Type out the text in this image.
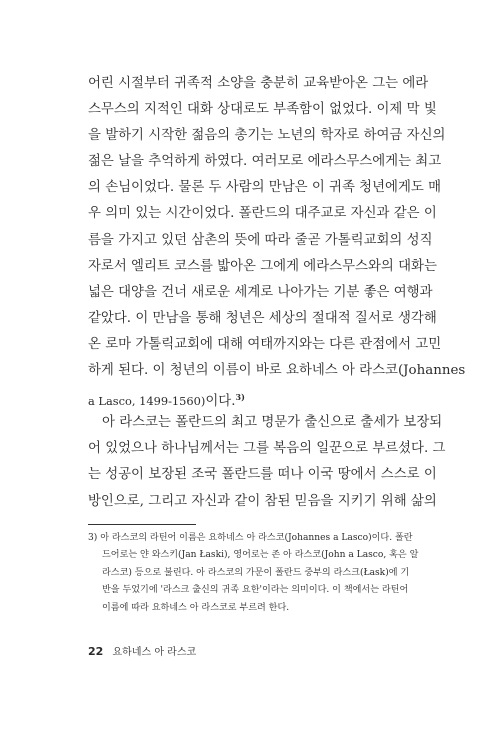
어린 시절부터 귀족적 소양을 충분히 교육받아온 그는 에라
스무스의 지적인 대화 상대로도 부족함이 없었다. 이제 막 빛
을 발하기 시작한 젊음의 총기는 노년의 학자로 하여금 자신의
젊은 날을 추억하게 하였다. 여러모로 에라스무스에게는 최고
의 손님이었다. 물론 두 사람의 만남은 이 귀족 청년에게도 매
우 의미 있는 시간이었다. 폴란드의 대주교로 자신과 같은 이
름을 가지고 있던 삼촌의 뜻에 따라 줄곧 가톨릭교회의 성직
자로서 엘리트 코스를 밟아온 그에게 에라스무스와의 대화는
넓은 대양을 건너 새로운 세계로 나아가는 기분 좋은 여행과
같았다. 이 만남을 통해 청년은 세상의 절대적 질서로 생각해
온 로마 가톨릭교회에 대해 여태까지와는 다른 관점에서 고민
하게 된다. 이 청년의 이름이 바로 요하네스 아 라스코(Johannes
a Lasco, 1499-1560)이다.$^{3)}$
아 라스코는 폴란드의 최고 명문가 출신으로 출세가 보장되
어 있었으나 하나님께서는 그를 복음의 일꾼으로 부르셨다. 그
는 성공이 보장된 조국 폴란드를 떠나 이국 땅에서 스스로 이
방인으로, 그리고 자신과 같이 참된 믿음을 지키기 위해 삶의
3) 아 라스코의 라틴어 이름은 요하네스 아 라스코(Johannes a Lasco)이다. 폴란
드어로는 얀 와스키(Jan Łaski), 영어로는 존 아 라스코(John a Lasco, 혹은 알
라스코) 등으로 불린다. 아 라스코의 가문이 폴란드 중부의 라스크(Łask)에 기
반을 두었기에 '라스크 출신의 귀족 요한'이라는 의미이다. 이 책에서는 라틴어
이름에 따라 요하네스 아 라스코로 부르려 한다.
22 요하네스 아 라스코
